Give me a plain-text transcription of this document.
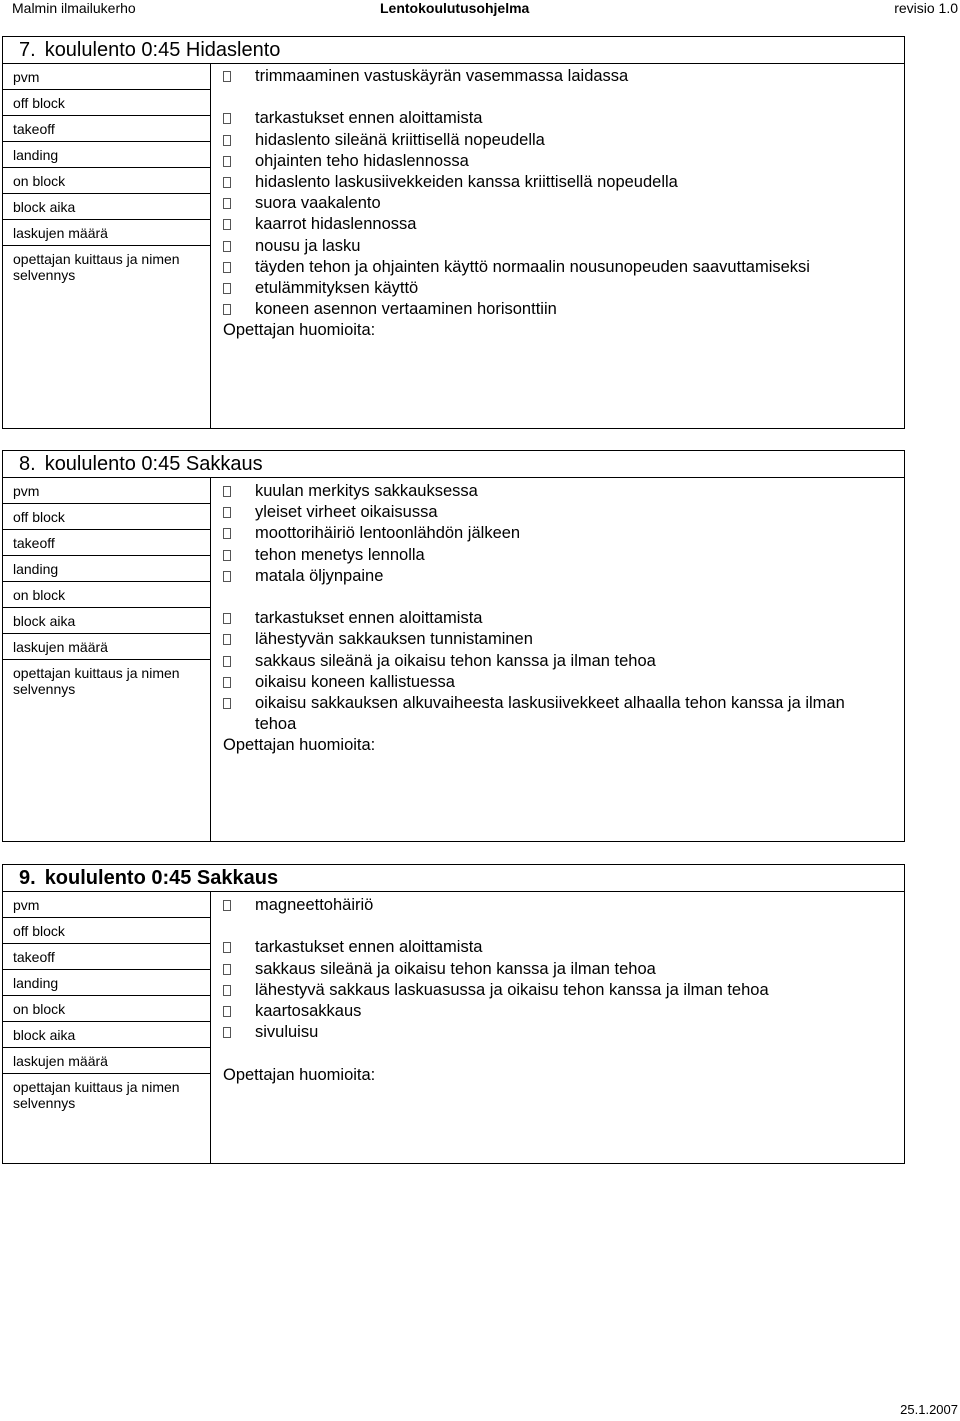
Malmin ilmailukerho	Lentokoulutusohjelma	revisio 1.0
7. koululento 0:45 Hidaslento
pvm
off block
takeoff
landing
on block
block aika
laskujen määrä
opettajan kuittaus ja nimen selvennys
trimmaaminen vastuskäyrän vasemmassa laidassa
tarkastukset ennen aloittamista
hidaslento sileänä kriittisellä nopeudella
ohjainten teho hidaslennossa
hidaslento laskusiivekkeiden kanssa kriittisellä nopeudella
suora vaakalento
kaarrot hidaslennossa
nousu ja lasku
täyden tehon ja ohjainten käyttö normaalin nousunopeuden saavuttamiseksi
etulämmityksen käyttö
koneen asennon vertaaminen horisonttiin
Opettajan huomioita:
8. koululento 0:45 Sakkaus
pvm
off block
takeoff
landing
on block
block aika
laskujen määrä
opettajan kuittaus ja nimen selvennys
kuulan merkitys sakkauksessa
yleiset virheet oikaisussa
moottorihäiriö lentoonlähdön jälkeen
tehon menetys lennolla
matala öljynpaine
tarkastukset ennen aloittamista
lähestyvän sakkauksen tunnistaminen
sakkaus sileänä ja oikaisu tehon kanssa ja ilman tehoa
oikaisu koneen kallistuessa
oikaisu sakkauksen alkuvaiheesta laskusiivekkeet alhaalla tehon kanssa ja ilman tehoa
Opettajan huomioita:
9. koululento 0:45 Sakkaus
pvm
off block
takeoff
landing
on block
block aika
laskujen määrä
opettajan kuittaus ja nimen selvennys
magneettohäiriö
tarkastukset ennen aloittamista
sakkaus sileänä ja oikaisu tehon kanssa ja ilman tehoa
lähestyvä sakkaus laskuasussa ja oikaisu tehon kanssa ja ilman tehoa
kaartosakkaus
sivuluisu
Opettajan huomioita:
25.1.2007
